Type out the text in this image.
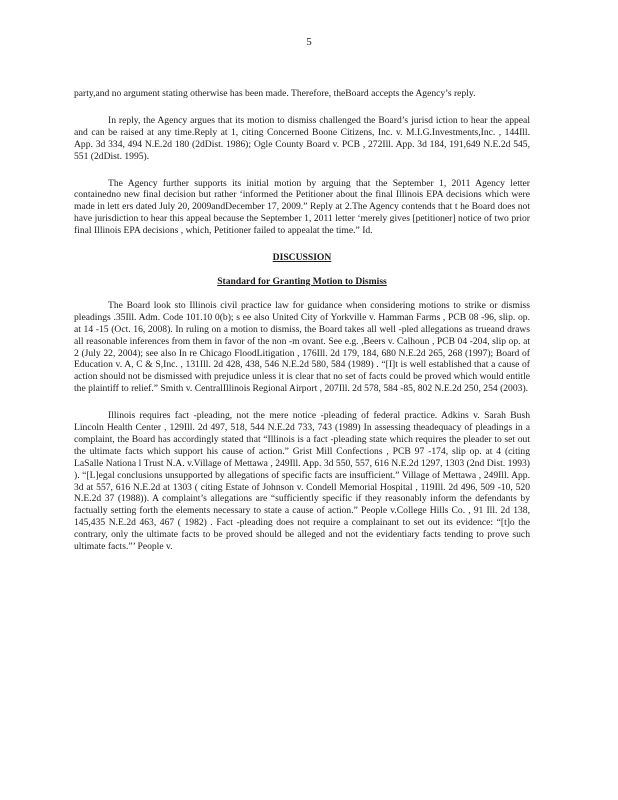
5

party,and no argument stating otherwise has been made. Therefore, theBoard accepts the Agency’s reply.

In reply, the Agency argues that its motion to dismiss challenged the Board’s jurisd iction to hear the appeal and can be raised at any time.Reply at 1, citing Concerned Boone Citizens, Inc. v. M.I.G.Investments,Inc. , 144Ill. App. 3d 334, 494 N.E.2d 180 (2dDist. 1986); Ogle County Board v. PCB , 272Ill. App. 3d 184, 191,649 N.E.2d 545, 551 (2dDist. 1995).

The Agency further supports its initial motion by arguing that the September 1, 2011 Agency letter containedno new final decision but rather ‘informed the Petitioner about the final Illinois EPA decisions which were made in lett ers dated July 20, 2009andDecember 17, 2009.” Reply at 2.The Agency contends that t he Board does not have jurisdiction to hear this appeal because the September 1, 2011 letter ‘merely gives [petitioner] notice of two prior final Illinois EPA decisions , which, Petitioner failed to appealat the time.” Id.

DISCUSSION
Standard for Granting Motion to Dismiss

The Board look sto Illinois civil practice law for guidance when considering motions to strike or dismiss pleadings .35Ill. Adm. Code 101.10 0(b); s ee also United City of Yorkville v. Hamman Farms , PCB 08 -96, slip. op. at 14 -15 (Oct. 16, 2008). In ruling on a motion to dismiss, the Board takes all well -pled allegations as trueand draws all reasonable inferences from them in favor of the non -m ovant. See e.g. ,Beers v. Calhoun , PCB 04 -204, slip op. at 2 (July 22, 2004); see also In re Chicago FloodLitigation , 176Ill. 2d 179, 184, 680 N.E.2d 265, 268 (1997); Board of Education v. A, C & S,Inc. , 131Ill. 2d 428, 438, 546 N.E.2d 580, 584 (1989) . “[I]t is well established that a cause of action should not be dismissed with prejudice unless it is clear that no set of facts could be proved which would entitle the plaintiff to relief.” Smith v. CentralIllinois Regional Airport , 207Ill. 2d 578, 584 -85, 802 N.E.2d 250, 254 (2003).

Illinois requires fact -pleading, not the mere notice -pleading of federal practice. Adkins v. Sarah Bush Lincoln Health Center , 129Ill. 2d 497, 518, 544 N.E.2d 733, 743 (1989) In assessing theadequacy of pleadings in a complaint, the Board has accordingly stated that “Illinois is a fact -pleading state which requires the pleader to set out the ultimate facts which support his cause of action.” Grist Mill Confections , PCB 97 -174, slip op. at 4 (citing LaSalle Nationa l Trust N.A. v.Village of Mettawa , 249Ill. App. 3d 550, 557, 616 N.E.2d 1297, 1303 (2nd Dist. 1993) ). “[L]egal conclusions unsupported by allegations of specific facts are insufficient.” Village of Mettawa , 249Ill. App. 3d at 557, 616 N.E.2d at 1303 ( citing Estate of Johnson v. Condell Memorial Hospital , 119Ill. 2d 496, 509 -10, 520 N.E.2d 37 (1988)). A complaint’s allegations are “sufficiently specific if they reasonably inform the defendants by factually setting forth the elements necessary to state a cause of action.” People v.College Hills Co. , 91 Ill. 2d 138, 145,435 N.E.2d 463, 467 ( 1982) . Fact -pleading does not require a complainant to set out its evidence: “[t]o the contrary, only the ultimate facts to be proved should be alleged and not the evidentiary facts tending to prove such ultimate facts.”’ People v.
